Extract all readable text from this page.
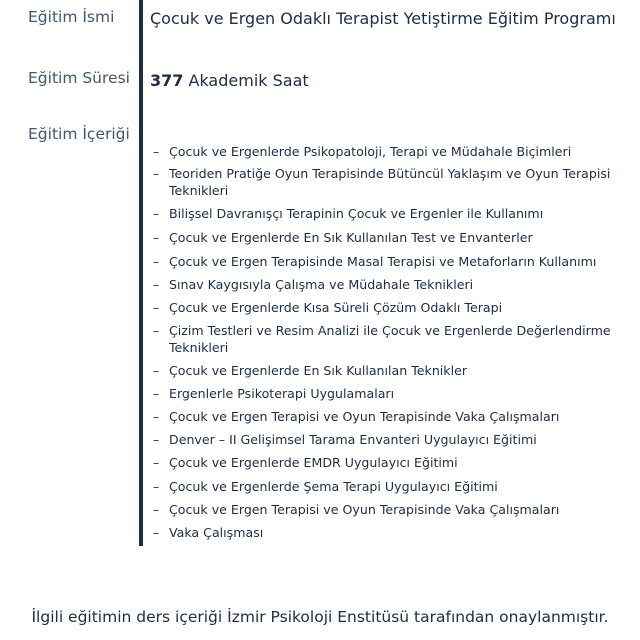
Eğitim İsmi Çocuk ve Ergen Odaklı Terapist Yetiştirme Eğitim Programı
Eğitim Süresi 377 Akademik Saat
Eğitim İçeriği
– Çocuk ve Ergenlerde Psikopatoloji, Terapi ve Müdahale Biçimleri
– Teoriden Pratiğe Oyun Terapisinde Bütüncül Yaklaşım ve Oyun Terapisi Teknikleri
– Bilişsel Davranışçı Terapinin Çocuk ve Ergenler ile Kullanımı
– Çocuk ve Ergenlerde En Sık Kullanılan Test ve Envanterler
– Çocuk ve Ergen Terapisinde Masal Terapisi ve Metaforların Kullanımı
– Sınav Kaygısıyla Çalışma ve Müdahale Teknikleri
– Çocuk ve Ergenlerde Kısa Süreli Çözüm Odaklı Terapi
– Çizim Testleri ve Resim Analizi ile Çocuk ve Ergenlerde Değerlendirme Teknikleri
– Çocuk ve Ergenlerde En Sık Kullanılan Teknikler
– Ergenlerle Psikoterapi Uygulamaları
– Çocuk ve Ergen Terapisi ve Oyun Terapisinde Vaka Çalışmaları
– Denver – II Gelişimsel Tarama Envanteri Uygulayıcı Eğitimi
– Çocuk ve Ergenlerde EMDR Uygulayıcı Eğitimi
– Çocuk ve Ergenlerde Şema Terapi Uygulayıcı Eğitimi
– Çocuk ve Ergen Terapisi ve Oyun Terapisinde Vaka Çalışmaları
– Vaka Çalışması
İlgili eğitimin ders içeriği İzmir Psikoloji Enstitüsü tarafından onaylanmıştır.
